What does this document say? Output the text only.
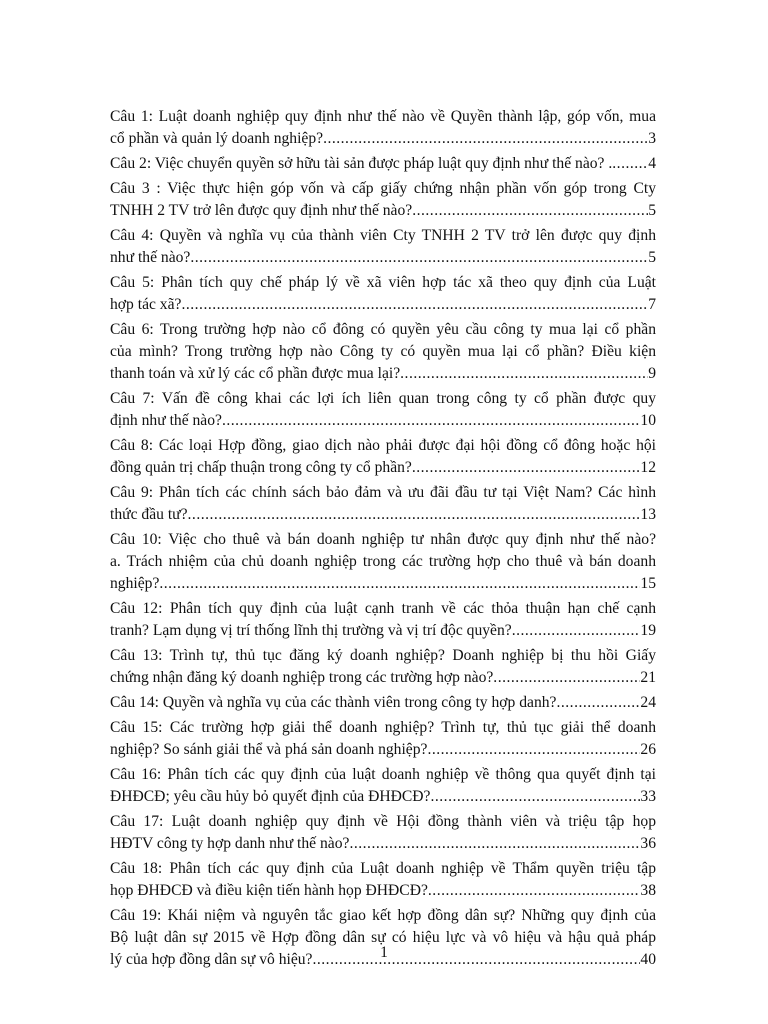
Câu 1: Luật doanh nghiệp quy định như thế nào về Quyền thành lập, góp vốn, mua
cổ phần và quản lý doanh nghiệp? .....	3
Câu 2: Việc chuyển quyền sở hữu tài sản được pháp luật quy định như thế nào? . ..... 4
Câu 3 : Việc thực hiện góp vốn và cấp giấy chứng nhận phần vốn góp trong Cty
TNHH 2 TV trở lên được quy định như thế nào? .....	5
Câu 4: Quyền và nghĩa vụ của thành viên Cty TNHH 2 TV trở lên được quy định
như thế nào? .....	5
Câu 5: Phân tích quy chế pháp lý về xã viên hợp tác xã theo quy định của Luật
hợp tác xã? .....	7
Câu 6: Trong trường hợp nào cổ đông có quyền yêu cầu công ty mua lại cổ phần
của mình? Trong trường hợp nào Công ty có quyền mua lại cổ phần? Điều kiện
thanh toán và xử lý các cổ phần được mua lại? .....	9
Câu 7: Vấn đề công khai các lợi ích liên quan trong công ty cổ phần được quy
định như thế nào? .....	10
Câu 8: Các loại Hợp đồng, giao dịch nào phải được đại hội đồng cổ đông hoặc hội
đồng quản trị chấp thuận trong công ty cổ phần? .....	12
Câu 9: Phân tích các chính sách bảo đảm và ưu đãi đầu tư tại Việt Nam? Các hình
thức đầu tư? .....	13
Câu 10: Việc cho thuê và bán doanh nghiệp tư nhân được quy định như thế nào?
a. Trách nhiệm của chủ doanh nghiệp trong các trường hợp cho thuê và bán doanh
nghiệp? .....	15
Câu 12: Phân tích quy định của luật cạnh tranh về các thỏa thuận hạn chế cạnh
tranh? Lạm dụng vị trí thống lĩnh thị trường và vị trí độc quyền? .....	19
Câu 13: Trình tự, thủ tục đăng ký doanh nghiệp? Doanh nghiệp bị thu hồi Giấy
chứng nhận đăng ký doanh nghiệp trong các trường hợp nào? .....	21
Câu 14: Quyền và nghĩa vụ của các thành viên trong công ty hợp danh? .....	24
Câu 15: Các trường hợp giải thể doanh nghiệp? Trình tự, thủ tục giải thể doanh
nghiệp? So sánh giải thể và phá sản doanh nghiệp? .....	26
Câu 16: Phân tích các quy định của luật doanh nghiệp về thông qua quyết định tại
ĐHĐCĐ; yêu cầu hủy bỏ quyết định của ĐHĐCĐ? .....	33
Câu 17: Luật doanh nghiệp quy định về Hội đồng thành viên và triệu tập họp
HĐTV công ty hợp danh như thế nào? .....	36
Câu 18: Phân tích các quy định của Luật doanh nghiệp về Thẩm quyền triệu tập
họp ĐHĐCĐ và điều kiện tiến hành họp ĐHĐCĐ? .....	38
Câu 19: Khái niệm và nguyên tắc giao kết hợp đồng dân sự? Những quy định của
Bộ luật dân sự 2015 về Hợp đồng dân sự có hiệu lực và vô hiệu và hậu quả pháp
lý của hợp đồng dân sự vô hiệu? .....	40
1
